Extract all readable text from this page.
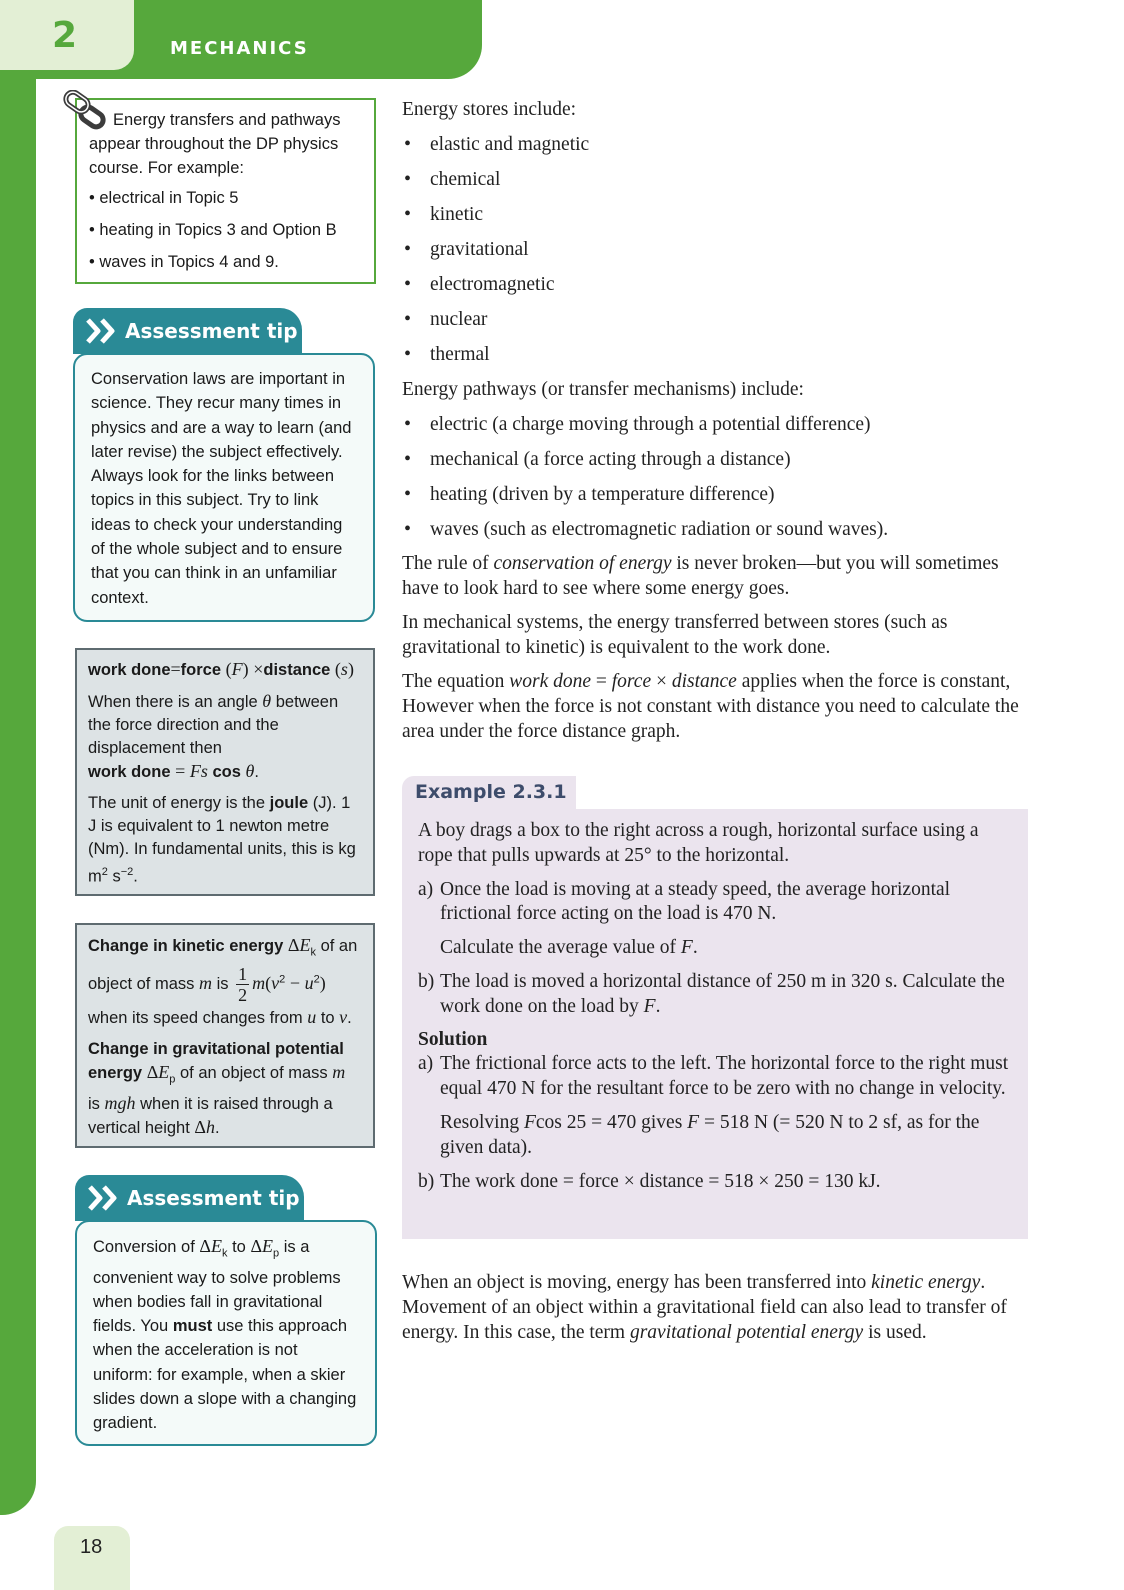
2	MECHANICS

Energy transfers and pathways appear throughout the DP physics course. For example:

• electrical in Topic 5
• heating in Topics 3 and Option B
• waves in Topics 4 and 9.
Assessment tip

Conservation laws are important in science. They recur many times in physics and are a way to learn (and later revise) the subject effectively. Always look for the links between topics in this subject. Try to link ideas to check your understanding of the whole subject and to ensure that you can think in an unfamiliar context.

work done=force (F) ×distance (s)

When there is an angle θ between the force direction and the displacement then
work done = Fs cos θ.

The unit of energy is the joule (J). 1 J is equivalent to 1 newton metre (Nm). In fundamental units, this is kg $m^2$ $s^{-2}$.

Change in kinetic energy $\Delta E_k$ of an
object of mass m is $\frac{1}{2} m(v^2 - u^2)$
when its speed changes from u to v.

Change in gravitational potential
energy $\Delta E_p$ of an object of mass m
is mgh when it is raised through a vertical height Δh.

Assessment tip

Conversion of $\Delta E_k$ to $\Delta E_p$ is a convenient way to solve problems when bodies fall in gravitational fields. You must use this approach when the acceleration is not uniform: for example, when a skier slides down a slope with a changing gradient.

Energy stores include:
• elastic and magnetic
• chemical
• kinetic
• gravitational
• electromagnetic
• nuclear
• thermal
Energy pathways (or transfer mechanisms) include:
• electric (a charge moving through a potential difference)
• mechanical (a force acting through a distance)
• heating (driven by a temperature difference)
• waves (such as electromagnetic radiation or sound waves).

The rule of conservation of energy is never broken—but you will sometimes have to look hard to see where some energy goes.

In mechanical systems, the energy transferred between stores (such as gravitational to kinetic) is equivalent to the work done.

The equation work done = force × distance applies when the force is constant, However when the force is not constant with distance you need to calculate the area under the force distance graph.

Example 2.3.1

A boy drags a box to the right across a rough, horizontal surface using a rope that pulls upwards at 25° to the horizontal.

a) Once the load is moving at a steady speed, the average horizontal frictional force acting on the load is 470 N.

Calculate the average value of F.

b) The load is moved a horizontal distance of 250 m in 320 s. Calculate the work done on the load by F.

Solution

a) The frictional force acts to the left. The horizontal force to the right must equal 470 N for the resultant force to be zero with no change in velocity.

Resolving Fcos 25 = 470 gives F = 518 N (= 520 N to 2 sf, as for the given data).

b) The work done = force × distance = 518 × 250 = 130 kJ.

When an object is moving, energy has been transferred into kinetic energy. Movement of an object within a gravitational field can also lead to transfer of energy. In this case, the term gravitational potential energy is used.

18
